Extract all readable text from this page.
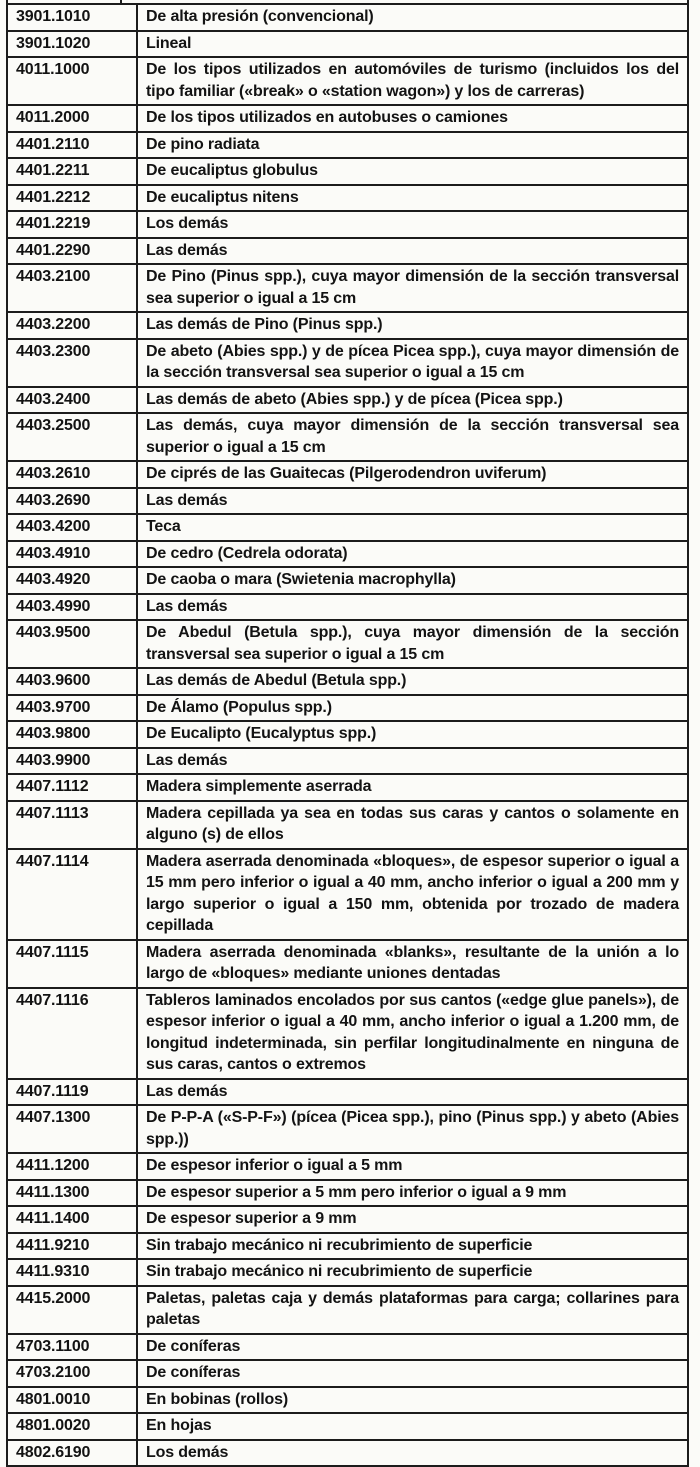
3901.1010	De alta presión (convencional)
3901.1020	Lineal
4011.1000	De los tipos utilizados en automóviles de turismo (incluidos los del tipo familiar («break» o «station wagon») y los de carreras)
4011.2000	De los tipos utilizados en autobuses o camiones
4401.2110	De pino radiata
4401.2211	De eucaliptus globulus
4401.2212	De eucaliptus nitens
4401.2219	Los demás
4401.2290	Las demás
4403.2100	De Pino (Pinus spp.), cuya mayor dimensión de la sección transversal sea superior o igual a 15 cm
4403.2200	Las demás de Pino (Pinus spp.)
4403.2300	De abeto (Abies spp.) y de pícea Picea spp.), cuya mayor dimensión de la sección transversal sea superior o igual a 15 cm
4403.2400	Las demás de abeto (Abies spp.) y de pícea (Picea spp.)
4403.2500	Las demás, cuya mayor dimensión de la sección transversal sea superior o igual a 15 cm
4403.2610	De ciprés de las Guaitecas (Pilgerodendron uviferum)
4403.2690	Las demás
4403.4200	Teca
4403.4910	De cedro (Cedrela odorata)
4403.4920	De caoba o mara (Swietenia macrophylla)
4403.4990	Las demás
4403.9500	De Abedul (Betula spp.), cuya mayor dimensión de la sección transversal sea superior o igual a 15 cm
4403.9600	Las demás de Abedul (Betula spp.)
4403.9700	De Álamo (Populus spp.)
4403.9800	De Eucalipto (Eucalyptus spp.)
4403.9900	Las demás
4407.1112	Madera simplemente aserrada
4407.1113	Madera cepillada ya sea en todas sus caras y cantos o solamente en alguno (s) de ellos
4407.1114	Madera aserrada denominada «bloques», de espesor superior o igual a 15 mm pero inferior o igual a 40 mm, ancho inferior o igual a 200 mm y largo superior o igual a 150 mm, obtenida por trozado de madera cepillada
4407.1115	Madera aserrada denominada «blanks», resultante de la unión a lo largo de «bloques» mediante uniones dentadas
4407.1116	Tableros laminados encolados por sus cantos («edge glue panels»), de espesor inferior o igual a 40 mm, ancho inferior o igual a 1.200 mm, de longitud indeterminada, sin perfilar longitudinalmente en ninguna de sus caras, cantos o extremos
4407.1119	Las demás
4407.1300	De P-P-A («S-P-F») (pícea (Picea spp.), pino (Pinus spp.) y abeto (Abies spp.))
4411.1200	De espesor inferior o igual a 5 mm
4411.1300	De espesor superior a 5 mm pero inferior o igual a 9 mm
4411.1400	De espesor superior a 9 mm
4411.9210	Sin trabajo mecánico ni recubrimiento de superficie
4411.9310	Sin trabajo mecánico ni recubrimiento de superficie
4415.2000	Paletas, paletas caja y demás plataformas para carga; collarines para paletas
4703.1100	De coníferas
4703.2100	De coníferas
4801.0010	En bobinas (rollos)
4801.0020	En hojas
4802.6190	Los demás
